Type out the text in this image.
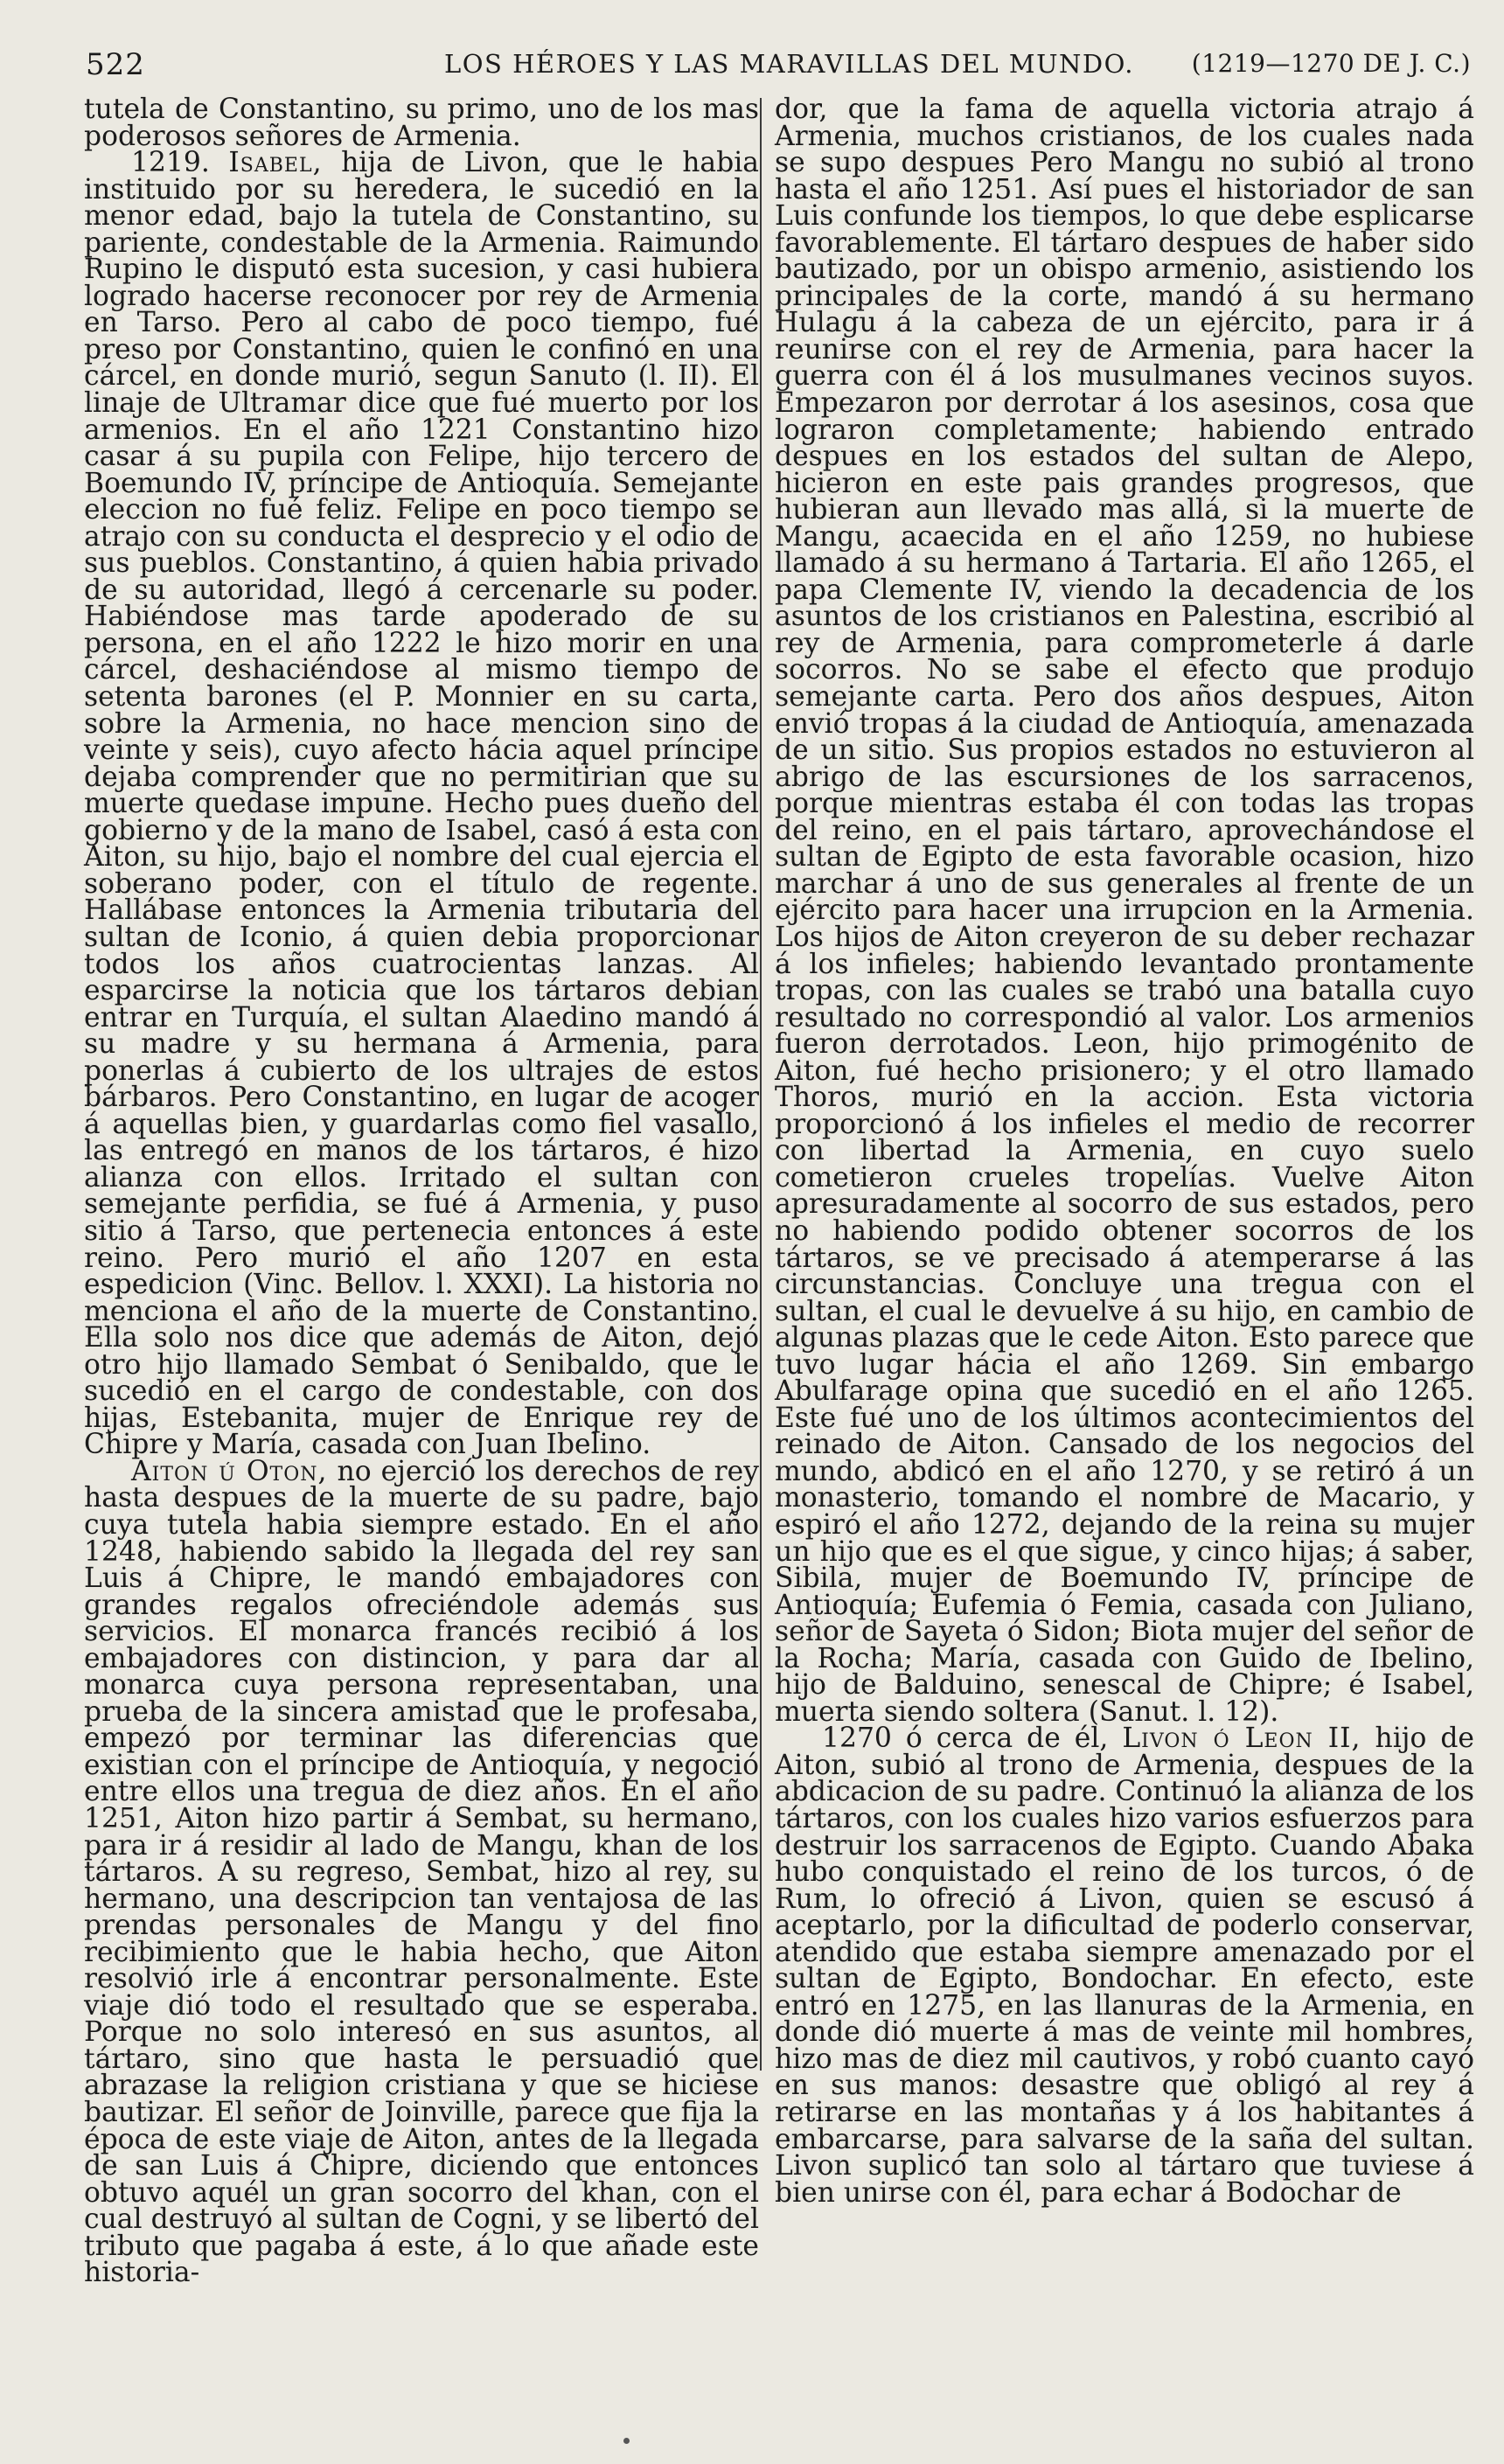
522	LOS HÉROES Y LAS MARAVILLAS DEL MUNDO. (1219—1270 DE J. C.)

tutela de Constantino, su primo, uno de los mas poderosos señores de Armenia.

1219. Isabel, hija de Livon, que le habia instituido por su heredera, le sucedió en la menor edad, bajo la tutela de Constantino, su pariente, condestable de la Armenia. Raimundo Rupino le disputó esta sucesion, y casi hubiera logrado hacerse reconocer por rey de Armenia en Tarso. Pero al cabo de poco tiempo, fué preso por Constantino, quien le confinó en una cárcel, en donde murió, segun Sanuto (l. II). El linaje de Ultramar dice que fué muerto por los armenios. En el año 1221 Constantino hizo casar á su pupila con Felipe, hijo tercero de Boemundo IV, príncipe de Antioquía. Semejante eleccion no fué feliz. Felipe en poco tiempo se atrajo con su conducta el desprecio y el odio de sus pueblos. Constantino, á quien habia privado de su autoridad, llegó á cercenarle su poder. Habiéndose mas tarde apoderado de su persona, en el año 1222 le hizo morir en una cárcel, deshaciéndose al mismo tiempo de setenta barones (el P. Monnier en su carta, sobre la Armenia, no hace mencion sino de veinte y seis), cuyo afecto hácia aquel príncipe dejaba comprender que no permitirian que su muerte quedase impune. Hecho pues dueño del gobierno y de la mano de Isabel, casó á esta con Aiton, su hijo, bajo el nombre del cual ejercia el soberano poder, con el título de regente. Hallábase entonces la Armenia tributaria del sultan de Iconio, á quien debia proporcionar todos los años cuatrocientas lanzas. Al esparcirse la noticia que los tártaros debian entrar en Turquía, el sultan Alaedino mandó á su madre y su hermana á Armenia, para ponerlas á cubierto de los ultrajes de estos bárbaros. Pero Constantino, en lugar de acoger á aquellas bien, y guardarlas como fiel vasallo, las entregó en manos de los tártaros, é hizo alianza con ellos. Irritado el sultan con semejante perfidia, se fué á Armenia, y puso sitio á Tarso, que pertenecia entonces á este reino. Pero murió el año 1207 en esta espedicion (Vinc. Bellov. l. XXXI). La historia no menciona el año de la muerte de Constantino. Ella solo nos dice que además de Aiton, dejó otro hijo llamado Sembat ó Senibaldo, que le sucedió en el cargo de condestable, con dos hijas, Estebanita, mujer de Enrique rey de Chipre y María, casada con Juan Ibelino.

Aiton ú Oton, no ejerció los derechos de rey hasta despues de la muerte de su padre, bajo cuya tutela habia siempre estado. En el año 1248, habiendo sabido la llegada del rey san Luis á Chipre, le mandó embajadores con grandes regalos ofreciéndole además sus servicios. El monarca francés recibió á los embajadores con distincion, y para dar al monarca cuya persona representaban, una prueba de la sincera amistad que le profesaba, empezó por terminar las diferencias que existian con el príncipe de Antioquía, y negoció entre ellos una tregua de diez años. En el año 1251, Aiton hizo partir á Sembat, su hermano, para ir á residir al lado de Mangu, khan de los tártaros. A su regreso, Sembat, hizo al rey, su hermano, una descripcion tan ventajosa de las prendas personales de Mangu y del fino recibimiento que le habia hecho, que Aiton resolvió irle á encontrar personalmente. Este viaje dió todo el resultado que se esperaba. Porque no solo interesó en sus asuntos, al tártaro, sino que hasta le persuadió que abrazase la religion cristiana y que se hiciese bautizar. El señor de Joinville, parece que fija la época de este viaje de Aiton, antes de la llegada de san Luis á Chipre, diciendo que entonces obtuvo aquél un gran socorro del khan, con el cual destruyó al sultan de Cogni, y se libertó del tributo que pagaba á este, á lo que añade este historia-

dor, que la fama de aquella victoria atrajo á Armenia, muchos cristianos, de los cuales nada se supo despues Pero Mangu no subió al trono hasta el año 1251. Así pues el historiador de san Luis confunde los tiempos, lo que debe esplicarse favorablemente. El tártaro despues de haber sido bautizado, por un obispo armenio, asistiendo los principales de la corte, mandó á su hermano Hulagu á la cabeza de un ejército, para ir á reunirse con el rey de Armenia, para hacer la guerra con él á los musulmanes vecinos suyos. Empezaron por derrotar á los asesinos, cosa que lograron completamente; habiendo entrado despues en los estados del sultan de Alepo, hicieron en este pais grandes progresos, que hubieran aun llevado mas allá, si la muerte de Mangu, acaecida en el año 1259, no hubiese llamado á su hermano á Tartaria. El año 1265, el papa Clemente IV, viendo la decadencia de los asuntos de los cristianos en Palestina, escribió al rey de Armenia, para comprometerle á darle socorros. No se sabe el efecto que produjo semejante carta. Pero dos años despues, Aiton envió tropas á la ciudad de Antioquía, amenazada de un sitio. Sus propios estados no estuvieron al abrigo de las escursiones de los sarracenos, porque mientras estaba él con todas las tropas del reino, en el pais tártaro, aprovechándose el sultan de Egipto de esta favorable ocasion, hizo marchar á uno de sus generales al frente de un ejército para hacer una irrupcion en la Armenia. Los hijos de Aiton creyeron de su deber rechazar á los infieles; habiendo levantado prontamente tropas, con las cuales se trabó una batalla cuyo resultado no correspondió al valor. Los armenios fueron derrotados. Leon, hijo primogénito de Aiton, fué hecho prisionero; y el otro llamado Thoros, murió en la accion. Esta victoria proporcionó á los infieles el medio de recorrer con libertad la Armenia, en cuyo suelo cometieron crueles tropelías. Vuelve Aiton apresuradamente al socorro de sus estados, pero no habiendo podido obtener socorros de los tártaros, se ve precisado á atemperarse á las circunstancias. Concluye una tregua con el sultan, el cual le devuelve á su hijo, en cambio de algunas plazas que le cede Aiton. Esto parece que tuvo lugar hácia el año 1269. Sin embargo Abulfarage opina que sucedió en el año 1265. Este fué uno de los últimos acontecimientos del reinado de Aiton. Cansado de los negocios del mundo, abdicó en el año 1270, y se retiró á un monasterio, tomando el nombre de Macario, y espiró el año 1272, dejando de la reina su mujer un hijo que es el que sigue, y cinco hijas; á saber, Sibila, mujer de Boemundo IV, príncipe de Antioquía; Eufemia ó Femia, casada con Juliano, señor de Sayeta ó Sidon; Biota mujer del señor de la Rocha; María, casada con Guido de Ibelino, hijo de Balduino, senescal de Chipre; é Isabel, muerta siendo soltera (Sanut. l. 12).

1270 ó cerca de él, Livon ó Leon II, hijo de Aiton, subió al trono de Armenia, despues de la abdicacion de su padre. Continuó la alianza de los tártaros, con los cuales hizo varios esfuerzos para destruir los sarracenos de Egipto. Cuando Abaka hubo conquistado el reino de los turcos, ó de Rum, lo ofreció á Livon, quien se escusó á aceptarlo, por la dificultad de poderlo conservar, atendido que estaba siempre amenazado por el sultan de Egipto, Bondochar. En efecto, este entró en 1275, en las llanuras de la Armenia, en donde dió muerte á mas de veinte mil hombres, hizo mas de diez mil cautivos, y robó cuanto cayó en sus manos: desastre que obligó al rey á retirarse en las montañas y á los habitantes á embarcarse, para salvarse de la saña del sultan. Livon suplicó tan solo al tártaro que tuviese á bien unirse con él, para echar á Bodochar de
